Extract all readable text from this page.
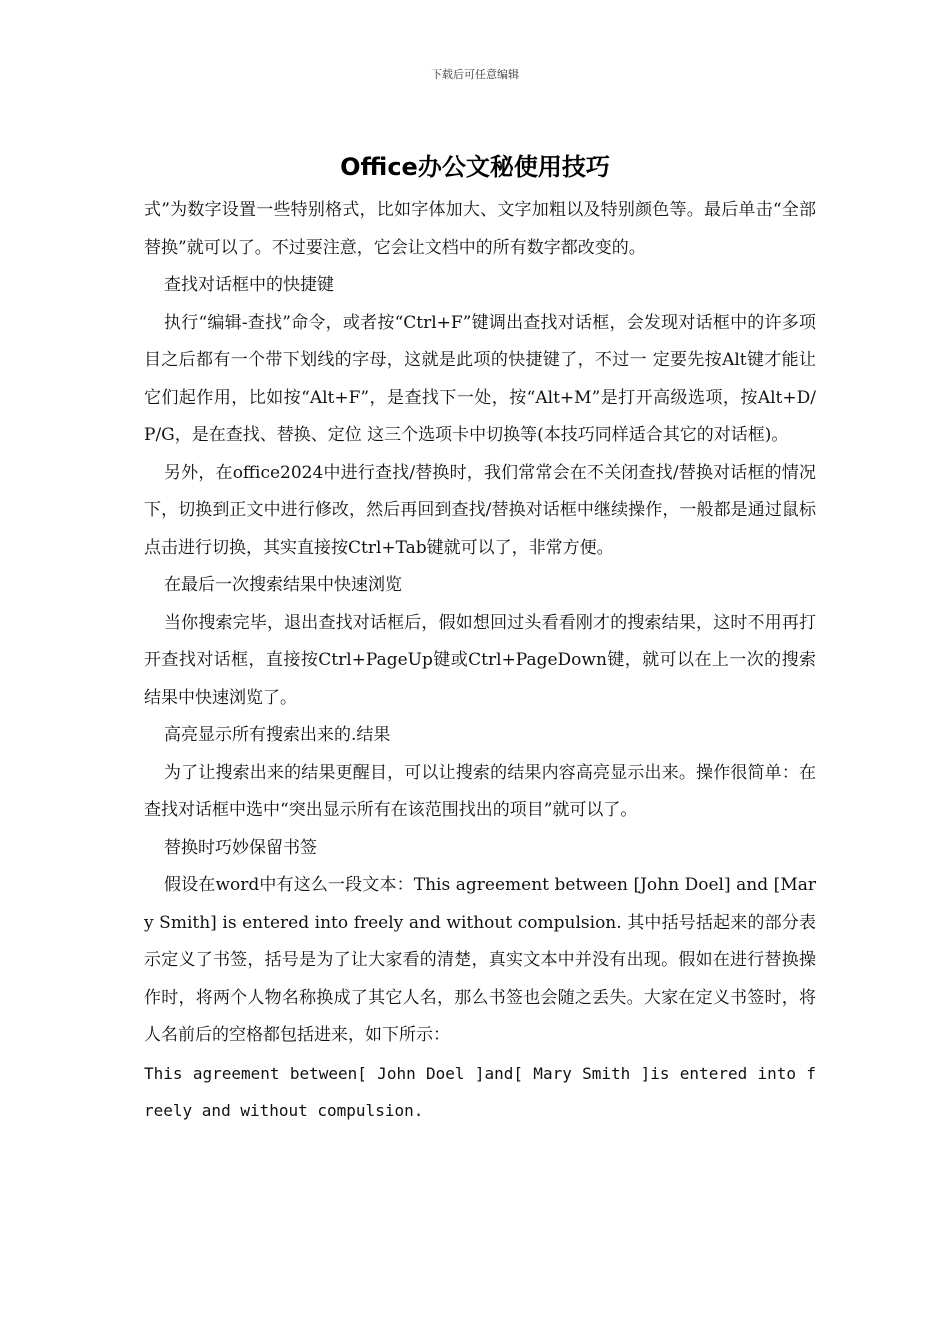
下载后可任意编辑
Office办公文秘使用技巧

式”为数字设置一些特别格式，比如字体加大、文字加粗以及特别颜色等。最后单击“全部替换”就可以了。不过要注意，它会让文档中的所有数字都改变的。

查找对话框中的快捷键

执行“编辑-查找”命令，或者按“Ctrl+F”键调出查找对话框，会发现对话框中的许多项目之后都有一个带下划线的字母，这就是此项的快捷键了，不过一 定要先按Alt键才能让它们起作用，比如按“Alt+F”，是查找下一处，按“Alt+M”是打开高级选项，按Alt+D/P/G，是在查找、替换、定位 这三个选项卡中切换等(本技巧同样适合其它的对话框)。

另外，在office2024中进行查找/替换时，我们常常会在不关闭查找/替换对话框的情况下，切换到正文中进行修改，然后再回到查找/替换对话框中继续操作，一般都是通过鼠标点击进行切换，其实直接按Ctrl+Tab键就可以了，非常方便。

在最后一次搜索结果中快速浏览

当你搜索完毕，退出查找对话框后，假如想回过头看看刚才的搜索结果，这时不用再打开查找对话框，直接按Ctrl+PageUp键或Ctrl+PageDown键，就可以在上一次的搜索结果中快速浏览了。

高亮显示所有搜索出来的.结果

为了让搜索出来的结果更醒目，可以让搜索的结果内容高亮显示出来。操作很简单：在查找对话框中选中“突出显示所有在该范围找出的项目”就可以了。

替换时巧妙保留书签

假设在word中有这么一段文本：This agreement between [John Doel] and [Mary Smith] is entered into freely and without compulsion. 其中括号括起来的部分表示定义了书签，括号是为了让大家看的清楚，真实文本中并没有出现。假如在进行替换操作时，将两个人物名称换成了其它人名，那么书签也会随之丢失。大家在定义书签时，将人名前后的空格都包括进来，如下所示：

This agreement between[ John Doel ]and[ Mary Smith ]is entered into freely and without compulsion.
